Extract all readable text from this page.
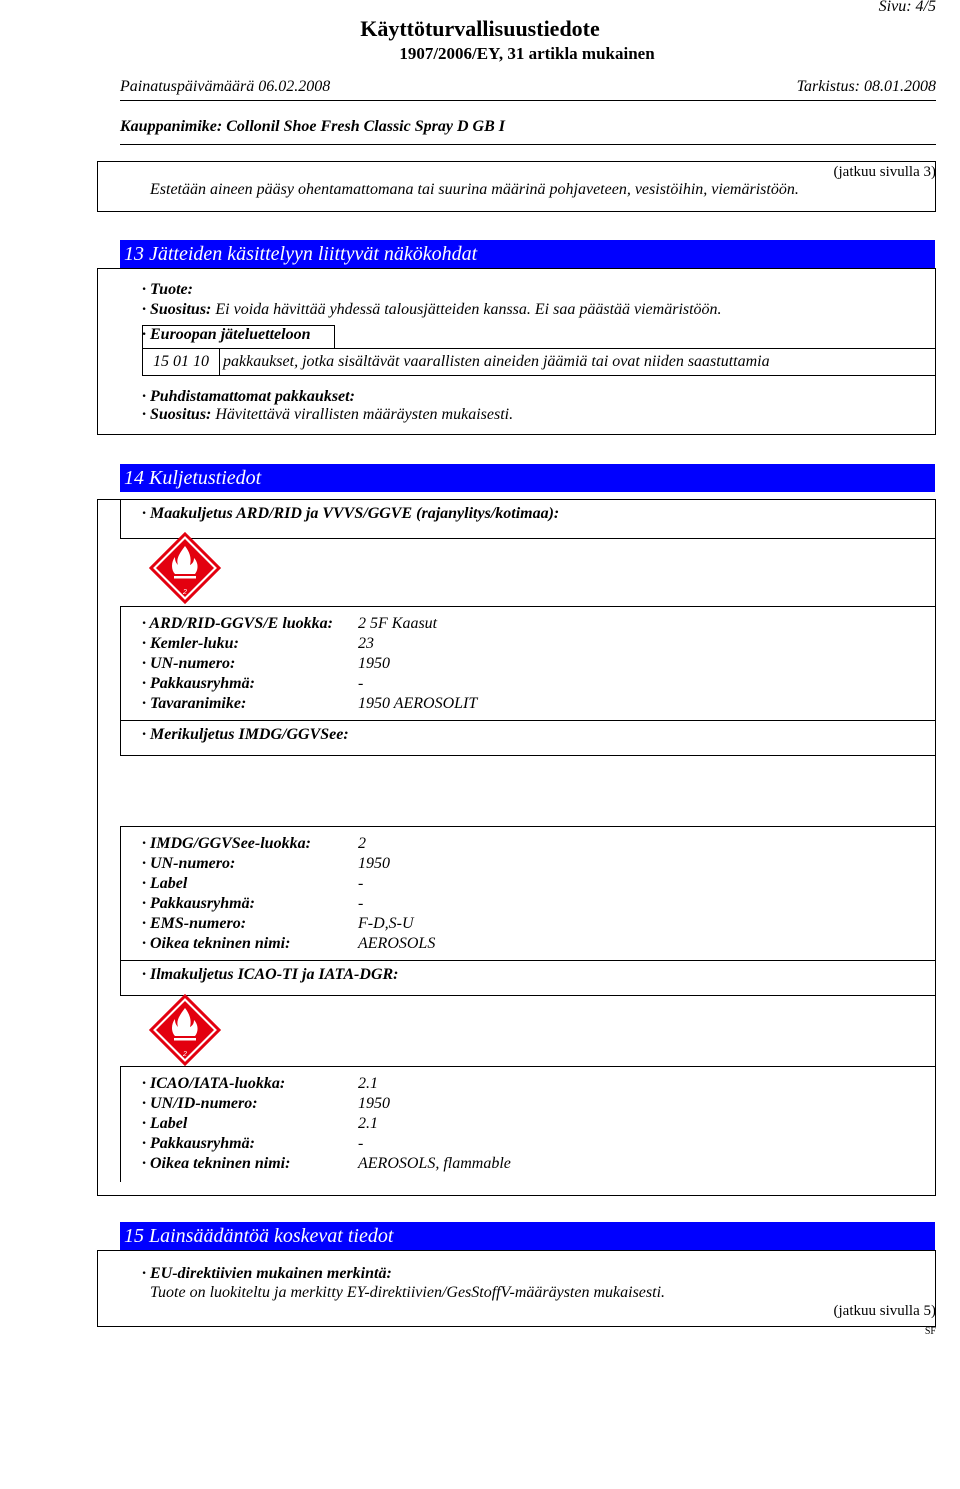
Sivu: 4/5
Käyttöturvallisuustiedote
1907/2006/EY, 31 artikla mukainen
Painatuspäivämäärä 06.02.2008	Tarkistus: 08.01.2008
Kauppanimike: Collonil Shoe Fresh Classic Spray D GB I
(jatkuu sivulla 3)
Estetään aineen pääsy ohentamattomana tai suurina määrinä pohjaveteen, vesistöihin, viemäristöön.
13 Jätteiden käsittelyyn liittyvät näkökohdat
· Tuote:
· Suositus: Ei voida hävittää yhdessä talousjätteiden kanssa. Ei saa päästää viemäristöön.
· Euroopan jäteluetteloon
15 01 10 pakkaukset, jotka sisältävät vaarallisten aineiden jäämiä tai ovat niiden saastuttamia
· Puhdistamattomat pakkaukset:
· Suositus: Hävitettävä virallisten määräysten mukaisesti.
14 Kuljetustiedot
· Maakuljetus ARD/RID ja VVVS/GGVE (rajanylitys/kotimaa):
2
· ARD/RID-GGVS/E luokka: 2 5F Kaasut
· Kemler-luku:	23
· UN-numero:	1950
· Pakkausryhmä:	-
· Tavaranimike:	1950 AEROSOLIT
· Merikuljetus IMDG/GGVSee:
· IMDG/GGVSee-luokka:	2
· UN-numero:	1950
· Label	-
· Pakkausryhmä:	-
· EMS-numero:	F-D,S-U
· Oikea tekninen nimi:	AEROSOLS
· Ilmakuljetus ICAO-TI ja IATA-DGR:
2
· ICAO/IATA-luokka:	2.1
· UN/ID-numero:	1950
· Label	2.1
· Pakkausryhmä:	-
· Oikea tekninen nimi:	AEROSOLS, flammable
15 Lainsäädäntöä koskevat tiedot
· EU-direktiivien mukainen merkintä:
Tuote on luokiteltu ja merkitty EY-direktiivien/GesStoffV-määräysten mukaisesti.
(jatkuu sivulla 5)
SF
